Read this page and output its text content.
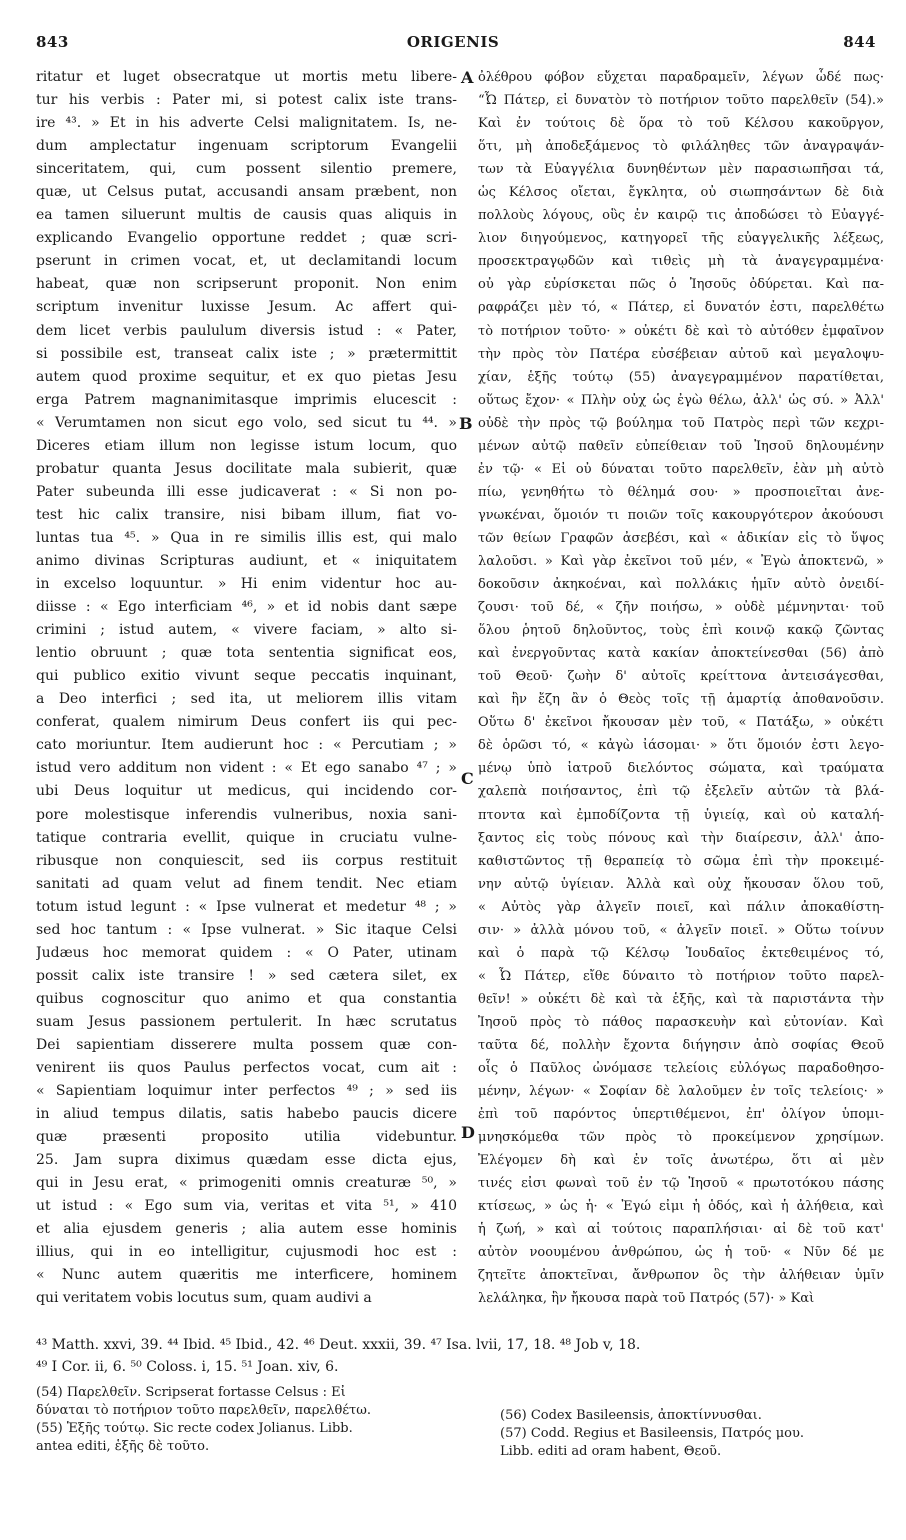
843	ORIGENIS	844
ritatur et luget obsecratque ut mortis metu libere-
tur his verbis : Pater mi, si potest calix iste trans-
ire ⁴³. » Et in his adverte Celsi malignitatem. Is, ne-
dum amplectatur ingenuam scriptorum Evangelii
sinceritatem, qui, cum possent silentio premere,
quæ, ut Celsus putat, accusandi ansam præbent, non
ea tamen siluerunt multis de causis quas aliquis in
explicando Evangelio opportune reddet ; quæ scri-
pserunt in crimen vocat, et, ut declamitandi locum
habeat, quæ non scripserunt proponit. Non enim
scriptum invenitur luxisse Jesum. Ac affert qui-
dem licet verbis paululum diversis istud : « Pater,
si possibile est, transeat calix iste ; » prætermittit
autem quod proxime sequitur, et ex quo pietas Jesu
erga Patrem magnanimitasque imprimis elucescit :
« Verumtamen non sicut ego volo, sed sicut tu ⁴⁴. »
Diceres etiam illum non legisse istum locum, quo
probatur quanta Jesus docilitate mala subierit, quæ
Pater subeunda illi esse judicaverat : « Si non po-
test hic calix transire, nisi bibam illum, fiat vo-
luntas tua ⁴⁵. » Qua in re similis illis est, qui malo
animo divinas Scripturas audiunt, et « iniquitatem
in excelso loquuntur. » Hi enim videntur hoc au-
diisse : « Ego interficiam ⁴⁶, » et id nobis dant sæpe
crimini ; istud autem, « vivere faciam, » alto si-
lentio obruunt ; quæ tota sententia significat eos,
qui publico exitio vivunt seque peccatis inquinant,
a Deo interfici ; sed ita, ut meliorem illis vitam
conferat, qualem nimirum Deus confert iis qui pec-
cato moriuntur. Item audierunt hoc : « Percutiam ; »
istud vero additum non vident : « Et ego sanabo ⁴⁷ ; »
ubi Deus loquitur ut medicus, qui incidendo cor-
pore molestisque inferendis vulneribus, noxia sani-
tatique contraria evellit, quique in cruciatu vulne-
ribusque non conquiescit, sed iis corpus restituit
sanitati ad quam velut ad finem tendit. Nec etiam
totum istud legunt : « Ipse vulnerat et medetur ⁴⁸ ; »
sed hoc tantum : « Ipse vulnerat. » Sic itaque Celsi
Judæus hoc memorat quidem : « O Pater, utinam
possit calix iste transire ! » sed cætera silet, ex
quibus cognoscitur quo animo et qua constantia
suam Jesus passionem pertulerit. In hæc scrutatus
Dei sapientiam disserere multa possem quæ con-
venirent iis quos Paulus perfectos vocat, cum ait :
« Sapientiam loquimur inter perfectos ⁴⁹ ; » sed iis
in aliud tempus dilatis, satis habebo paucis dicere
quæ præsenti proposito utilia videbuntur.
25. Jam supra diximus quædam esse dicta ejus,
qui in Jesu erat, « primogeniti omnis creaturæ ⁵⁰, »
ut istud : « Ego sum via, veritas et vita ⁵¹, » 410
et alia ejusdem generis ; alia autem esse hominis
illius, qui in eo intelligitur, cujusmodi hoc est :
« Nunc autem quæritis me interficere, hominem
qui veritatem vobis locutus sum, quam audivi a
ὀλέθρου φόβον εὔχεται παραδραμεῖν, λέγων ὧδέ πως·
“Ὦ Πάτερ, εἰ δυνατὸν τὸ ποτήριον τοῦτο παρελθεῖν (54).»
Καὶ ἐν τούτοις δὲ ὅρα τὸ τοῦ Κέλσου κακοῦργον,
ὅτι, μὴ ἀποδεξάμενος τὸ φιλάληθες τῶν ἀναγραψάν-
των τὰ Εὐαγγέλια δυνηθέντων μὲν παρασιωπῆσαι τά,
ὡς Κέλσος οἴεται, ἔγκλητα, οὐ σιωπησάντων δὲ διὰ
πολλοὺς λόγους, οὓς ἐν καιρῷ τις ἀποδώσει τὸ Εὐαγγέ-
λιον διηγούμενος, κατηγορεῖ τῆς εὐαγγελικῆς λέξεως,
προσεκτραγῳδῶν καὶ τιθεὶς μὴ τὰ ἀναγεγραμμένα·
οὐ γὰρ εὑρίσκεται πῶς ὁ Ἰησοῦς ὀδύρεται. Καὶ πα-
ραφράζει μὲν τό, « Πάτερ, εἰ δυνατόν ἐστι, παρελθέτω
τὸ ποτήριον τοῦτο· » οὐκέτι δὲ καὶ τὸ αὐτόθεν ἐμφαῖνον
τὴν πρὸς τὸν Πατέρα εὐσέβειαν αὐτοῦ καὶ μεγαλοψυ-
χίαν, ἑξῆς τούτῳ (55) ἀναγεγραμμένον παρατίθεται,
οὕτως ἔχον· « Πλὴν οὐχ ὡς ἐγὼ θέλω, ἀλλ' ὡς σύ. » Ἀλλ'
οὐδὲ τὴν πρὸς τῷ βούλημα τοῦ Πατρὸς περὶ τῶν κεχρι-
μένων αὐτῷ παθεῖν εὐπείθειαν τοῦ Ἰησοῦ δηλουμένην
ἐν τῷ· « Εἰ οὐ δύναται τοῦτο παρελθεῖν, ἐὰν μὴ αὐτὸ
πίω, γενηθήτω τὸ θέλημά σου· » προσποιεῖται ἀνε-
γνωκέναι, ὅμοιόν τι ποιῶν τοῖς κακουργότερον ἀκούουσι
τῶν θείων Γραφῶν ἀσεβέσι, καὶ « ἀδικίαν εἰς τὸ ὕψος
λαλοῦσι. » Καὶ γὰρ ἐκεῖνοι τοῦ μέν, « Ἐγὼ ἀποκτενῶ, »
δοκοῦσιν ἀκηκοέναι, καὶ πολλάκις ἡμῖν αὐτὸ ὀνειδί-
ζουσι· τοῦ δέ, « ζῆν ποιήσω, » οὐδὲ μέμνηνται· τοῦ
ὅλου ῥητοῦ δηλοῦντος, τοὺς ἐπὶ κοινῷ κακῷ ζῶντας
καὶ ἐνεργοῦντας κατὰ κακίαν ἀποκτείνεσθαι (56) ἀπὸ
τοῦ Θεοῦ· ζωὴν δ' αὐτοῖς κρείττονα ἀντεισάγεσθαι,
καὶ ἣν ἔζη ἂν ὁ Θεὸς τοῖς τῇ ἁμαρτίᾳ ἀποθανοῦσιν.
Οὕτω δ' ἐκεῖνοι ἤκουσαν μὲν τοῦ, « Πατάξω, » οὐκέτι
δὲ ὁρῶσι τό, « κἀγὼ ἰάσομαι· » ὅτι ὅμοιόν ἐστι λεγο-
μένῳ ὑπὸ ἰατροῦ διελόντος σώματα, καὶ τραύματα
χαλεπὰ ποιήσαντος, ἐπὶ τῷ ἐξελεῖν αὐτῶν τὰ βλά-
πτοντα καὶ ἐμποδίζοντα τῇ ὑγιείᾳ, καὶ οὐ καταλή-
ξαντος εἰς τοὺς πόνους καὶ τὴν διαίρεσιν, ἀλλ' ἀπο-
καθιστῶντος τῇ θεραπείᾳ τὸ σῶμα ἐπὶ τὴν προκειμέ-
νην αὐτῷ ὑγίειαν. Ἀλλὰ καὶ οὐχ ἤκουσαν ὅλου τοῦ,
« Αὐτὸς γὰρ ἀλγεῖν ποιεῖ, καὶ πάλιν ἀποκαθίστη-
σιν· » ἀλλὰ μόνου τοῦ, « ἀλγεῖν ποιεῖ. » Οὕτω τοίνυν
καὶ ὁ παρὰ τῷ Κέλσῳ Ἰουδαῖος ἐκτεθειμένος τό,
« Ὦ Πάτερ, εἴθε δύναιτο τὸ ποτήριον τοῦτο παρελ-
θεῖν! » οὐκέτι δὲ καὶ τὰ ἑξῆς, καὶ τὰ παριστάντα τὴν
Ἰησοῦ πρὸς τὸ πάθος παρασκευὴν καὶ εὐτονίαν. Καὶ
ταῦτα δέ, πολλὴν ἔχοντα διήγησιν ἀπὸ σοφίας Θεοῦ
οἷς ὁ Παῦλος ὠνόμασε τελείοις εὐλόγως παραδοθησο-
μένην, λέγων· « Σοφίαν δὲ λαλοῦμεν ἐν τοῖς τελείοις· »
ἐπὶ τοῦ παρόντος ὑπερτιθέμενοι, ἐπ' ὀλίγον ὑπομι-
μνησκόμεθα τῶν πρὸς τὸ προκείμενον χρησίμων.
Ἐλέγομεν δὴ καὶ ἐν τοῖς ἀνωτέρω, ὅτι αἱ μὲν
τινές εἰσι φωναὶ τοῦ ἐν τῷ Ἰησοῦ « πρωτοτόκου πάσης
κτίσεως, » ὡς ἡ· « Ἐγώ εἰμι ἡ ὁδός, καὶ ἡ ἀλήθεια, καὶ
ἡ ζωή, » καὶ αἱ τούτοις παραπλήσιαι· αἱ δὲ τοῦ κατ'
αὐτὸν νοουμένου ἀνθρώπου, ὡς ἡ τοῦ· « Νῦν δέ με
ζητεῖτε ἀποκτεῖναι, ἄνθρωπον ὃς τὴν ἀλήθειαν ὑμῖν
λελάληκα, ἣν ἤκουσα παρὰ τοῦ Πατρός (57)· » Καὶ
A
B
C
D
⁴³ Matth. xxvi, 39. ⁴⁴ Ibid. ⁴⁵ Ibid., 42. ⁴⁶ Deut. xxxii, 39. ⁴⁷ Isa. lvii, 17, 18. ⁴⁸ Job v, 18.
⁴⁹ I Cor. ii, 6. ⁵⁰ Coloss. i, 15. ⁵¹ Joan. xiv, 6.
(54) Παρελθεῖν. Scripserat fortasse Celsus : Εἰ
δύναται τὸ ποτήριον τοῦτο παρελθεῖν, παρελθέτω.
(55) Ἑξῆς τούτῳ. Sic recte codex Jolianus. Libb.
antea editi, ἑξῆς δὲ τοῦτο.
(56) Codex Basileensis, ἀποκτίννυσθαι.
(57) Codd. Regius et Basileensis, Πατρός μου.
Libb. editi ad oram habent, Θεοῦ.
